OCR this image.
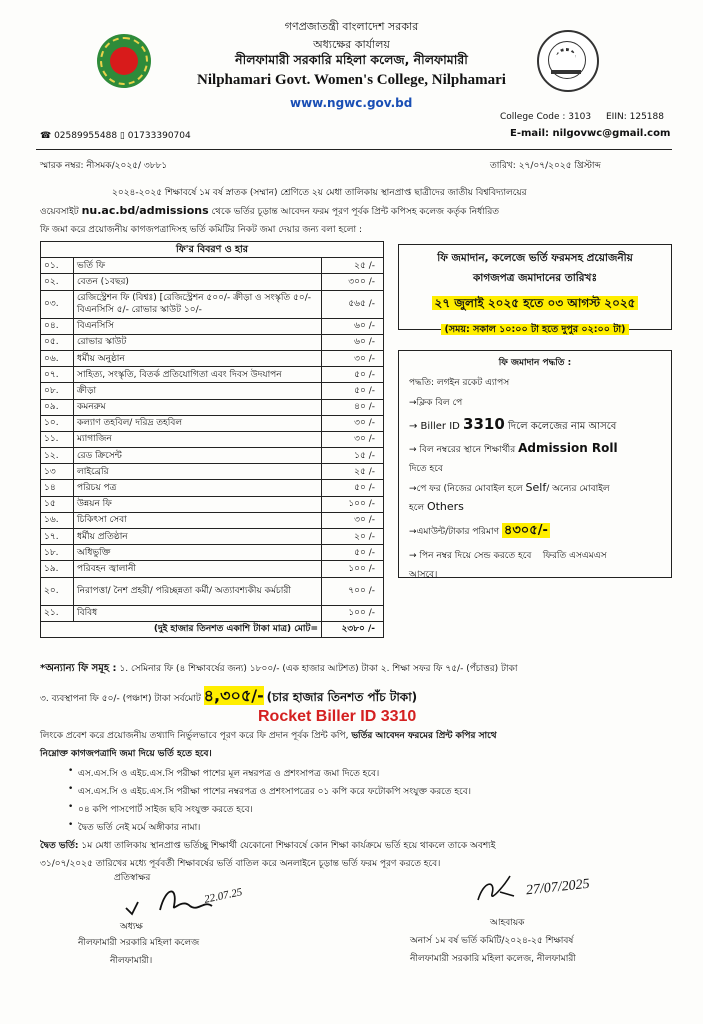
গণপ্রজাতন্ত্রী বাংলাদেশ সরকার
অধ্যক্ষের কার্যালয়
নীলফামারী সরকারি মহিলা কলেজ, নীলফামারী
Nilphamari Govt. Women's College, Nilphamari
www.ngwc.gov.bd
☎ 02589955488 ▯ 01733390704
College Code : 3103 EIIN: 125188
E-mail: nilgovwc@gmail.com
স্মারক নম্বর: নীসমক/২০২৫/ ৩৮৮১	তারিখ: ২৭/০৭/২০২৫ খ্রিস্টাব্দ
২০২৪-২০২৫ শিক্ষাবর্ষে ১ম বর্ষ স্নাতক (সম্মান) শ্রেণিতে ২য় মেধা তালিকায় স্থানপ্রাপ্ত ছাত্রীদের জাতীয় বিশ্ববিদ্যালয়ের
ওয়েবসাইট nu.ac.bd/admissions থেকে ভর্তির চূড়ান্ত আবেদন ফরম পূরণ পূর্বক প্রিন্ট কপিসহ কলেজ কর্তৃক নির্ধারিত
ফি জমা করে প্রয়োজনীয় কাগজপত্রাদিসহ ভর্তি কমিটির নিকট জমা দেয়ার জন্য বলা হলো :
ফি'র বিবরণ ও হার		
০১.	ভর্তি ফি	২৫ /-
০২.	বেতন (১বছর)	৩০০ /-
০৩.	রেজিস্ট্রেশন ফি (বিশ্বঃ) [রেজিস্ট্রেশন ৫০০/- ক্রীড়া ও সংস্কৃতি ৫০/- বিএনসিসি ৫/- রোভার স্কাউট ১০/-	৫৬৫ /-
০৪.	বিএনসিসি	৬০ /-
০৫.	রোভার স্কাউট	৬০ /-
০৬.	ধর্মীয় অনুষ্ঠান	৩০ /-
০৭.	সাহিত্য, সংস্কৃতি, বিতর্ক প্রতিযোগিতা এবং দিবস উদযাপন	৫০ /-
০৮.	ক্রীড়া	৫০ /-
০৯.	কমনরুম	৪০ /-
১০.	কল্যাণ তহবিল/ দরিদ্র তহবিল	৩০ /-
১১.	ম্যাগাজিন	৩০ /-
১২.	রেড ক্রিসেন্ট	১৫ /-
১৩	লাইব্রেরি	২৫ /-
১৪	পরিচয় পত্র	৫০ /-
১৫	উন্নয়ন ফি	১০০ /-
১৬.	চিকিৎসা সেবা	৩০ /-
১৭.	ধর্মীয় প্রতিষ্ঠান	২০ /-
১৮.	অধিভুক্তি	৫০ /-
১৯.	পরিবহন জ্বালানী	১০০ /-
২০.	নিরাপত্তা/ নৈশ প্রহরী/ পরিচ্ছন্নতা কর্মী/ অত্যাবশ্যকীয় কর্মচারী	৭০০ /-
২১.	বিবিধ	১০০ /-
(দুই হাজার তিনশত একাশি টাকা মাত্র) মোট=		২৩৮০ /-
ফি জমাদান, কলেজে ভর্তি ফরমসহ প্রয়োজনীয়
কাগজপত্র জমাদানের তারিখঃ
২৭ জুলাই ২০২৫ হতে ০৩ আগস্ট ২০২৫
(সময়: সকাল ১০:০০ টা হতে দুপুর ০২:০০ টা)
ফি জমাদান পদ্ধতি :
পদ্ধতি: লগইন রকেট এ্যাপস
→ক্লিক বিল পে
→ Biller ID 3310 দিলে কলেজের নাম আসবে
→ বিল নম্বরের স্থানে শিক্ষার্থীর Admission Roll
দিতে হবে
→পে ফর (নিজের মোবাইল হলে Self/ অন্যের মোবাইল
হলে Others
→এমাউন্ট/টাকার পরিমাণ ৪৩০৫/-
→ পিন নম্বর দিয়ে সেন্ড করতে হবে ফিরতি এসএমএস
আসবে।
*অন্যান্য ফি সমূহ : ১. সেমিনার ফি (৪ শিক্ষাবর্ষের জন্য) ১৮০০/- (এক হাজার আটশত) টাকা ২. শিক্ষা সফর ফি ৭৫/- (পঁচাত্তর) টাকা
৩. ব্যবস্থাপনা ফি ৫০/- (পঞ্চাশ) টাকা সর্বমোট ৪,৩০৫/- (চার হাজার তিনশত পাঁচ টাকা)
Rocket Biller ID 3310
লিংকে প্রবেশ করে প্রয়োজনীয় তথ্যাদি নির্ভুলভাবে পূরণ করে ফি প্রদান পূর্বক প্রিন্ট কপি, ভর্তির আবেদন ফরমের প্রিন্ট কপির সাথে
নিম্নোক্ত কাগজপত্রাদি জমা দিয়ে ভর্তি হতে হবে।
• এস.এস.সি ও এইচ.এস.সি পরীক্ষা পাশের মূল নম্বরপত্র ও প্রশংসাপত্র জমা দিতে হবে।
• এস.এস.সি ও এইচ.এস.সি পরীক্ষা পাশের নম্বরপত্র ও প্রশংসাপত্রের ০১ কপি করে ফটোকপি সংযুক্ত করতে হবে।
• ০৪ কপি পাসপোর্ট সাইজ ছবি সংযুক্ত করতে হবে।
• দ্বৈত ভর্তি নেই মর্মে অঙ্গীকার নামা।
দ্বৈত ভর্তি: ১ম মেধা তালিকায় স্থানপ্রাপ্ত ভর্তিচ্ছু শিক্ষার্থী যেকোনো শিক্ষাবর্ষে কোন শিক্ষা কার্যক্রমে ভর্তি হয়ে থাকলে তাকে অবশ্যই
৩১/০৭/২০২৫ তারিখের মধ্যে পূর্ববর্তী শিক্ষাবর্ষের ভর্তি বাতিল করে অনলাইনে চূড়ান্ত ভর্তি ফরম পূরণ করতে হবে।
প্রতিস্বাক্ষর
22.07.25
অধ্যক্ষ
নীলফামারী সরকারি মহিলা কলেজ
নীলফামারী।
27/07/2025
আহবায়ক
অনার্স ১ম বর্ষ ভর্তি কমিটি/২০২৪-২৫ শিক্ষাবর্ষ
নীলফামারী সরকারি মহিলা কলেজ, নীলফামারী
